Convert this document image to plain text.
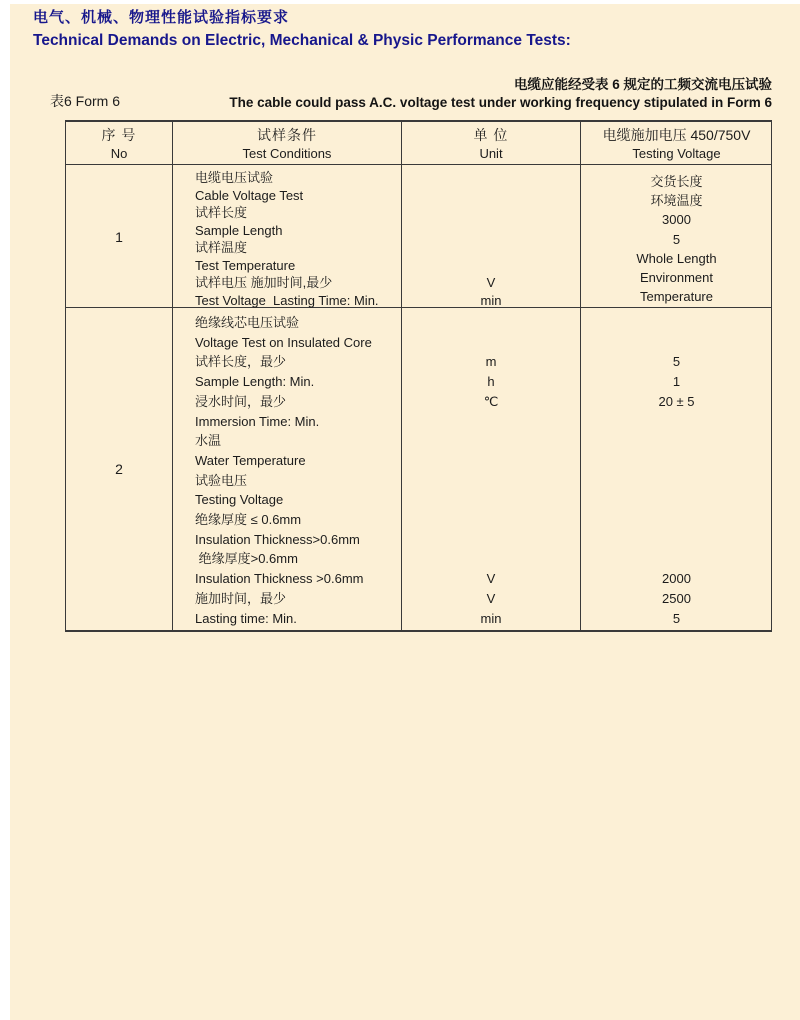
电气、机械、物理性能试验指标要求
Technical Demands on Electric, Mechanical & Physic Performance Tests:
表6 Form 6
电缆应能经受表 6 规定的工频交流电压试验
The cable could pass A.C. voltage test under working frequency stipulated in Form 6
序 号
No
试样条件
Test Conditions
单 位
Unit
电缆施加电压 450/750V
Testing Voltage
1
电缆电压试验
Cable Voltage Test
试样长度
Sample Length
试样温度
Test Temperature
试样电压 施加时间,最少
Test Voltage  Lasting Time: Min.

V
min
交货长度
环境温度
3000
5
Whole Length
Environment
Temperature
2
绝缘线芯电压试验
Voltage Test on Insulated Core
试样长度，最少
Sample Length: Min.
浸水时间，最少
Immersion Time: Min.
水温
Water Temperature
试验电压
Testing Voltage
绝缘厚度 ≤ 0.6mm
Insulation Thickness>0.6mm
绝缘厚度>0.6mm
Insulation Thickness >0.6mm
施加时间，最少
Lasting time: Min.

m
h
℃

V
V
min

5
1
20 ± 5

2000
2500
5
